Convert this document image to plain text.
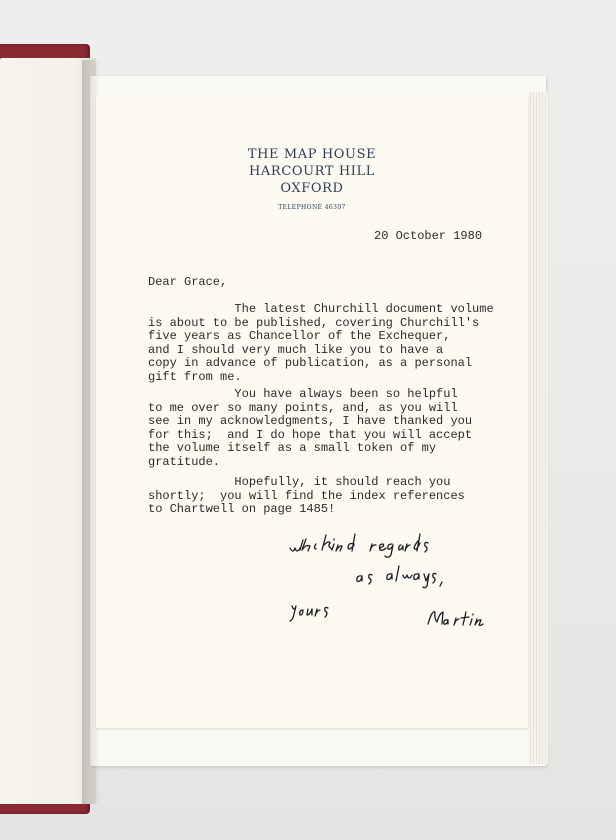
THE MAP HOUSE
HARCOURT HILL
OXFORD
TELEPHONE 46307
20 October 1980
Dear Grace,
The latest Churchill document volume
is about to be published, covering Churchill's
five years as Chancellor of the Exchequer,
and I should very much like you to have a
copy in advance of publication, as a personal
gift from me.
You have always been so helpful
to me over so many points, and, as you will
see in my acknowledgments, I have thanked you
for this;  and I do hope that you will accept
the volume itself as a small token of my
gratitude.
Hopefully, it should reach you
shortly;  you will find the index references
to Chartwell on page 1485!
